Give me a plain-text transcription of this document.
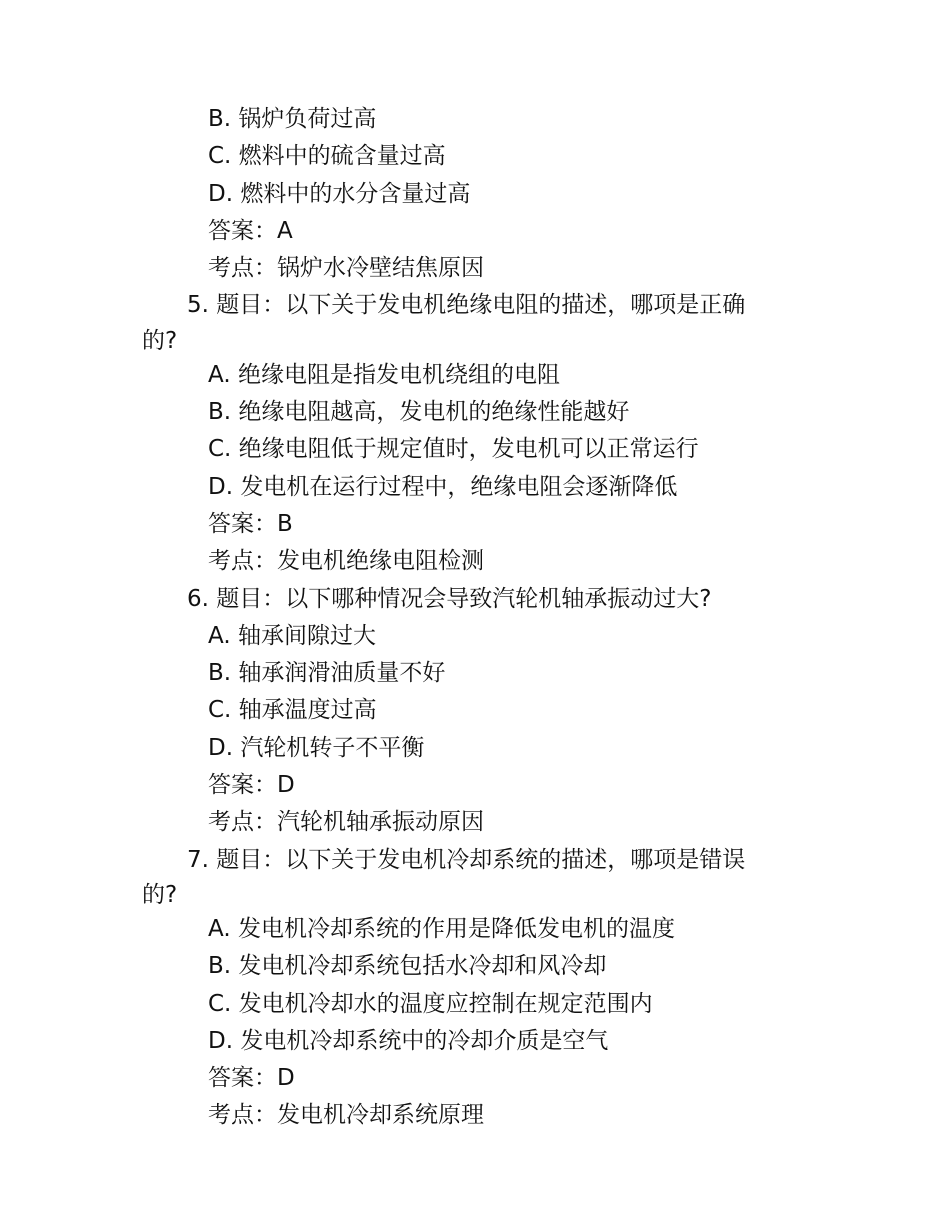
B. 锅炉负荷过高

C. 燃料中的硫含量过高

D. 燃料中的水分含量过高

答案：A

考点：锅炉水冷壁结焦原因

5. 题目：以下关于发电机绝缘电阻的描述，哪项是正确

的?

A. 绝缘电阻是指发电机绕组的电阻

B. 绝缘电阻越高，发电机的绝缘性能越好

C. 绝缘电阻低于规定值时，发电机可以正常运行

D. 发电机在运行过程中，绝缘电阻会逐渐降低

答案：B

考点：发电机绝缘电阻检测

6. 题目：以下哪种情况会导致汽轮机轴承振动过大?

A. 轴承间隙过大

B. 轴承润滑油质量不好

C. 轴承温度过高

D. 汽轮机转子不平衡

答案：D

考点：汽轮机轴承振动原因

7. 题目：以下关于发电机冷却系统的描述，哪项是错误

的?

A. 发电机冷却系统的作用是降低发电机的温度

B. 发电机冷却系统包括水冷却和风冷却

C. 发电机冷却水的温度应控制在规定范围内

D. 发电机冷却系统中的冷却介质是空气

答案：D

考点：发电机冷却系统原理
